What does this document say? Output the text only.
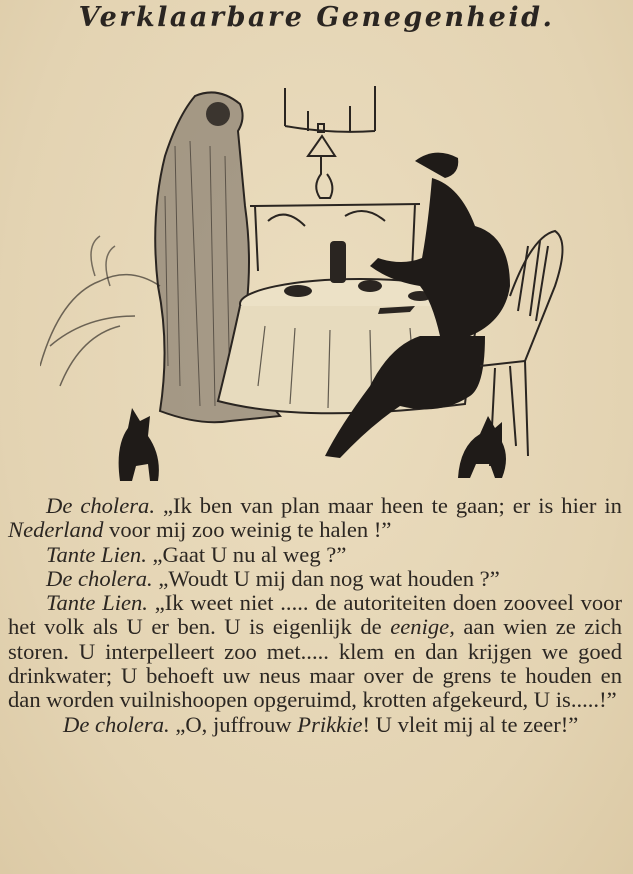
Verklaarbare Genegenheid.

De cholera. „Ik ben van plan maar heen te gaan; er is hier in Nederland voor mij zoo weinig te halen !”

Tante Lien. „Gaat U nu al weg ?”

De cholera. „Woudt U mij dan nog wat houden ?”

Tante Lien. „Ik weet niet ..... de autoriteiten doen zooveel voor het volk als U er ben. U is eigenlijk de eenige, aan wien ze zich storen. U interpelleert zoo met..... klem en dan krijgen we goed drinkwater; U behoeft uw neus maar over de grens te houden en dan worden vuilnishoopen opgeruimd, krotten afgekeurd, U is.....!”

De cholera. „O, juffrouw Prikkie! U vleit mij al te zeer!”
